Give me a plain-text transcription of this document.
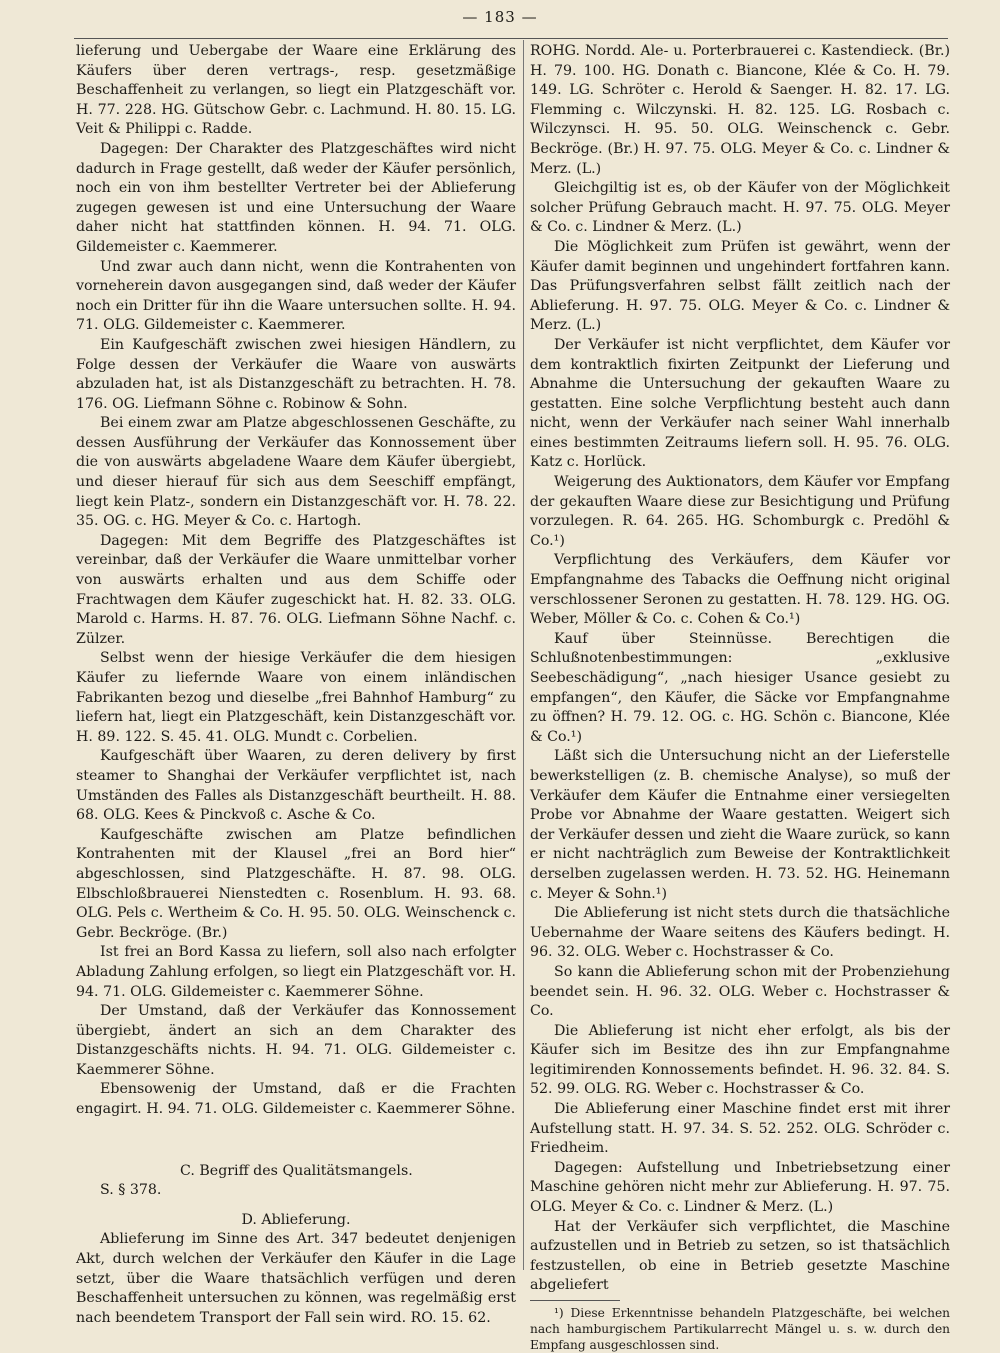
— 183 —

lieferung und Uebergabe der Waare eine Erklärung des Käufers über deren vertrags-, resp. gesetzmäßige Beschaffenheit zu verlangen, so liegt ein Platzgeschäft vor. H. 77. 228. HG. Gütschow Gebr. c. Lachmund. H. 80. 15. LG. Veit & Philippi c. Radde.

Dagegen: Der Charakter des Platzgeschäftes wird nicht dadurch in Frage gestellt, daß weder der Käufer persönlich, noch ein von ihm bestellter Vertreter bei der Ablieferung zugegen gewesen ist und eine Untersuchung der Waare daher nicht hat stattfinden können. H. 94. 71. OLG. Gildemeister c. Kaemmerer.

Und zwar auch dann nicht, wenn die Kontrahenten von vorneherein davon ausgegangen sind, daß weder der Käufer noch ein Dritter für ihn die Waare untersuchen sollte. H. 94. 71. OLG. Gildemeister c. Kaemmerer.

Ein Kaufgeschäft zwischen zwei hiesigen Händlern, zu Folge dessen der Verkäufer die Waare von auswärts abzuladen hat, ist als Distanzgeschäft zu betrachten. H. 78. 176. OG. Liefmann Söhne c. Robinow & Sohn.

Bei einem zwar am Platze abgeschlossenen Geschäfte, zu dessen Ausführung der Verkäufer das Konnossement über die von auswärts abgeladene Waare dem Käufer übergiebt, und dieser hierauf für sich aus dem Seeschiff empfängt, liegt kein Platz-, sondern ein Distanzgeschäft vor. H. 78. 22. 35. OG. c. HG. Meyer & Co. c. Hartogh.

Dagegen: Mit dem Begriffe des Platzgeschäftes ist vereinbar, daß der Verkäufer die Waare unmittelbar vorher von auswärts erhalten und aus dem Schiffe oder Frachtwagen dem Käufer zugeschickt hat. H. 82. 33. OLG. Marold c. Harms. H. 87. 76. OLG. Liefmann Söhne Nachf. c. Zülzer.

Selbst wenn der hiesige Verkäufer die dem hiesigen Käufer zu liefernde Waare von einem inländischen Fabrikanten bezog und dieselbe „frei Bahnhof Hamburg“ zu liefern hat, liegt ein Platzgeschäft, kein Distanzgeschäft vor. H. 89. 122. S. 45. 41. OLG. Mundt c. Corbelien.

Kaufgeschäft über Waaren, zu deren delivery by first steamer to Shanghai der Verkäufer verpflichtet ist, nach Umständen des Falles als Distanzgeschäft beurtheilt. H. 88. 68. OLG. Kees & Pinckvoß c. Asche & Co.

Kaufgeschäfte zwischen am Platze befindlichen Kontrahenten mit der Klausel „frei an Bord hier“ abgeschlossen, sind Platzgeschäfte. H. 87. 98. OLG. Elbschloßbrauerei Nienstedten c. Rosenblum. H. 93. 68. OLG. Pels c. Wertheim & Co. H. 95. 50. OLG. Weinschenck c. Gebr. Beckröge. (Br.)

Ist frei an Bord Kassa zu liefern, soll also nach erfolgter Abladung Zahlung erfolgen, so liegt ein Platzgeschäft vor. H. 94. 71. OLG. Gildemeister c. Kaemmerer Söhne.

Der Umstand, daß der Verkäufer das Konnossement übergiebt, ändert an sich an dem Charakter des Distanzgeschäfts nichts. H. 94. 71. OLG. Gildemeister c. Kaemmerer Söhne.

Ebensowenig der Umstand, daß er die Frachten engagirt. H. 94. 71. OLG. Gildemeister c. Kaemmerer Söhne.

C. Begriff des Qualitätsmangels.

S. § 378.

D. Ablieferung.

Ablieferung im Sinne des Art. 347 bedeutet denjenigen Akt, durch welchen der Verkäufer den Käufer in die Lage setzt, über die Waare thatsächlich verfügen und deren Beschaffenheit untersuchen zu können, was regelmäßig erst nach beendetem Transport der Fall sein wird. RO. 15. 62.

ROHG. Nordd. Ale- u. Porterbrauerei c. Kastendieck. (Br.) H. 79. 100. HG. Donath c. Biancone, Klée & Co. H. 79. 149. LG. Schröter c. Herold & Saenger. H. 82. 17. LG. Flemming c. Wilczynski. H. 82. 125. LG. Rosbach c. Wilczynsci. H. 95. 50. OLG. Weinschenck c. Gebr. Beckröge. (Br.) H. 97. 75. OLG. Meyer & Co. c. Lindner & Merz. (L.)

Gleichgiltig ist es, ob der Käufer von der Möglichkeit solcher Prüfung Gebrauch macht. H. 97. 75. OLG. Meyer & Co. c. Lindner & Merz. (L.)

Die Möglichkeit zum Prüfen ist gewährt, wenn der Käufer damit beginnen und ungehindert fortfahren kann. Das Prüfungsverfahren selbst fällt zeitlich nach der Ablieferung. H. 97. 75. OLG. Meyer & Co. c. Lindner & Merz. (L.)

Der Verkäufer ist nicht verpflichtet, dem Käufer vor dem kontraktlich fixirten Zeitpunkt der Lieferung und Abnahme die Untersuchung der gekauften Waare zu gestatten. Eine solche Verpflichtung besteht auch dann nicht, wenn der Verkäufer nach seiner Wahl innerhalb eines bestimmten Zeitraums liefern soll. H. 95. 76. OLG. Katz c. Horlück.

Weigerung des Auktionators, dem Käufer vor Empfang der gekauften Waare diese zur Besichtigung und Prüfung vorzulegen. R. 64. 265. HG. Schomburgk c. Predöhl & Co.¹)

Verpflichtung des Verkäufers, dem Käufer vor Empfangnahme des Tabacks die Oeffnung nicht original verschlossener Seronen zu gestatten. H. 78. 129. HG. OG. Weber, Möller & Co. c. Cohen & Co.¹)

Kauf über Steinnüsse. Berechtigen die Schlußnotenbestimmungen: „exklusive Seebeschädigung“, „nach hiesiger Usance gesiebt zu empfangen“, den Käufer, die Säcke vor Empfangnahme zu öffnen? H. 79. 12. OG. c. HG. Schön c. Biancone, Klée & Co.¹)

Läßt sich die Untersuchung nicht an der Lieferstelle bewerkstelligen (z. B. chemische Analyse), so muß der Verkäufer dem Käufer die Entnahme einer versiegelten Probe vor Abnahme der Waare gestatten. Weigert sich der Verkäufer dessen und zieht die Waare zurück, so kann er nicht nachträglich zum Beweise der Kontraktlichkeit derselben zugelassen werden. H. 73. 52. HG. Heinemann c. Meyer & Sohn.¹)

Die Ablieferung ist nicht stets durch die thatsächliche Uebernahme der Waare seitens des Käufers bedingt. H. 96. 32. OLG. Weber c. Hochstrasser & Co.

So kann die Ablieferung schon mit der Probenziehung beendet sein. H. 96. 32. OLG. Weber c. Hochstrasser & Co.

Die Ablieferung ist nicht eher erfolgt, als bis der Käufer sich im Besitze des ihn zur Empfangnahme legitimirenden Konnossements befindet. H. 96. 32. 84. S. 52. 99. OLG. RG. Weber c. Hochstrasser & Co.

Die Ablieferung einer Maschine findet erst mit ihrer Aufstellung statt. H. 97. 34. S. 52. 252. OLG. Schröder c. Friedheim.

Dagegen: Aufstellung und Inbetriebsetzung einer Maschine gehören nicht mehr zur Ablieferung. H. 97. 75. OLG. Meyer & Co. c. Lindner & Merz. (L.)

Hat der Verkäufer sich verpflichtet, die Maschine aufzustellen und in Betrieb zu setzen, so ist thatsächlich festzustellen, ob eine in Betrieb gesetzte Maschine abgeliefert

¹) Diese Erkenntnisse behandeln Platzgeschäfte, bei welchen nach hamburgischem Partikularrecht Mängel u. s. w. durch den Empfang ausgeschlossen sind.
